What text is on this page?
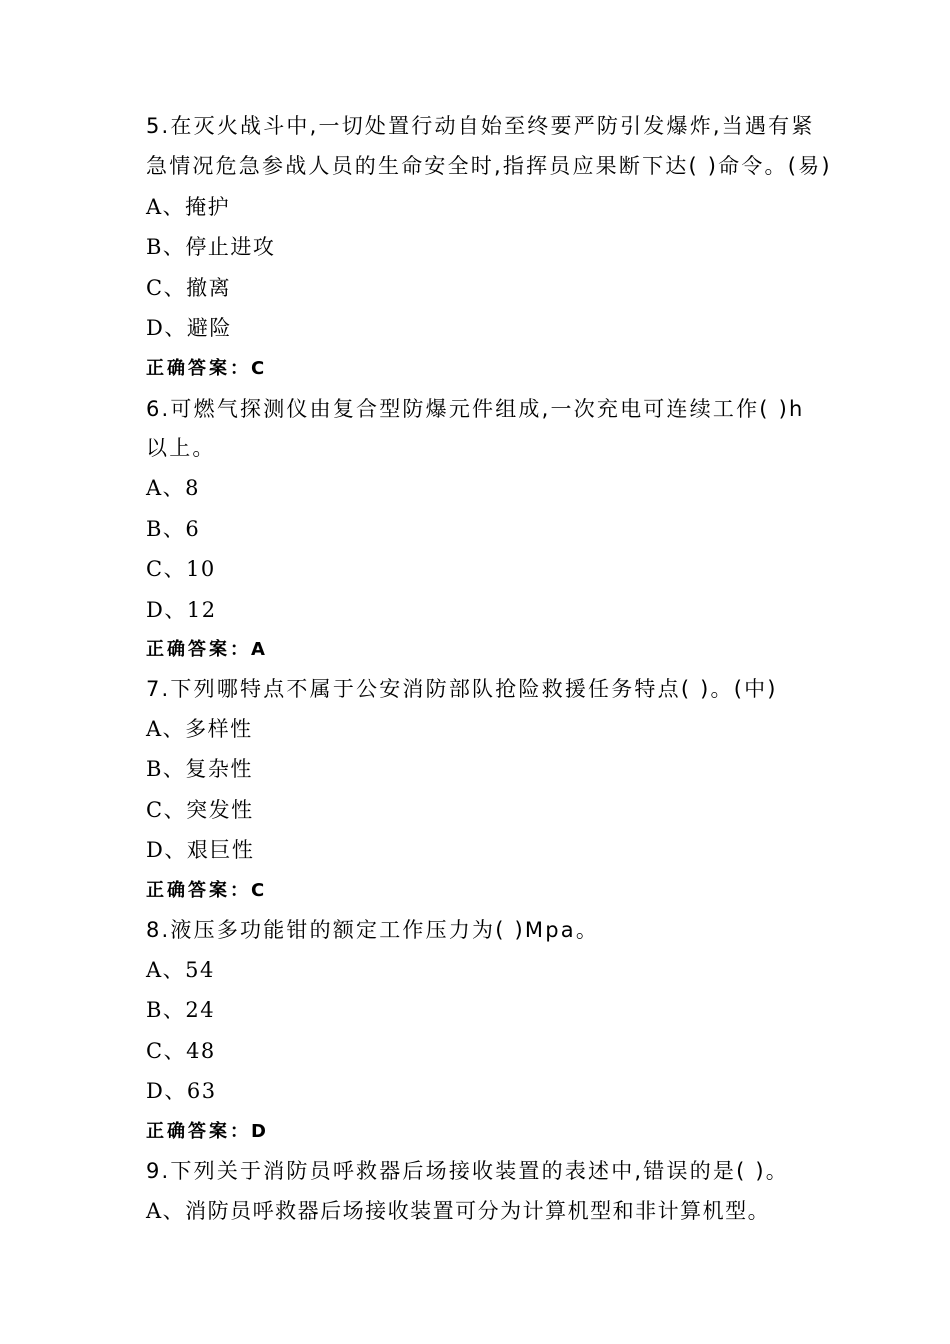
5.在灭火战斗中,一切处置行动自始至终要严防引发爆炸,当遇有紧
急情况危急参战人员的生命安全时,指挥员应果断下达( )命令。(易)
A、掩护
B、停止进攻
C、撤离
D、避险
正确答案：C
6.可燃气探测仪由复合型防爆元件组成,一次充电可连续工作( )h
以上。
A、8
B、6
C、10
D、12
正确答案：A
7.下列哪特点不属于公安消防部队抢险救援任务特点( )。(中)
A、多样性
B、复杂性
C、突发性
D、艰巨性
正确答案：C
8.液压多功能钳的额定工作压力为( )Mpa。
A、54
B、24
C、48
D、63
正确答案：D
9.下列关于消防员呼救器后场接收装置的表述中,错误的是( )。
A、消防员呼救器后场接收装置可分为计算机型和非计算机型。
